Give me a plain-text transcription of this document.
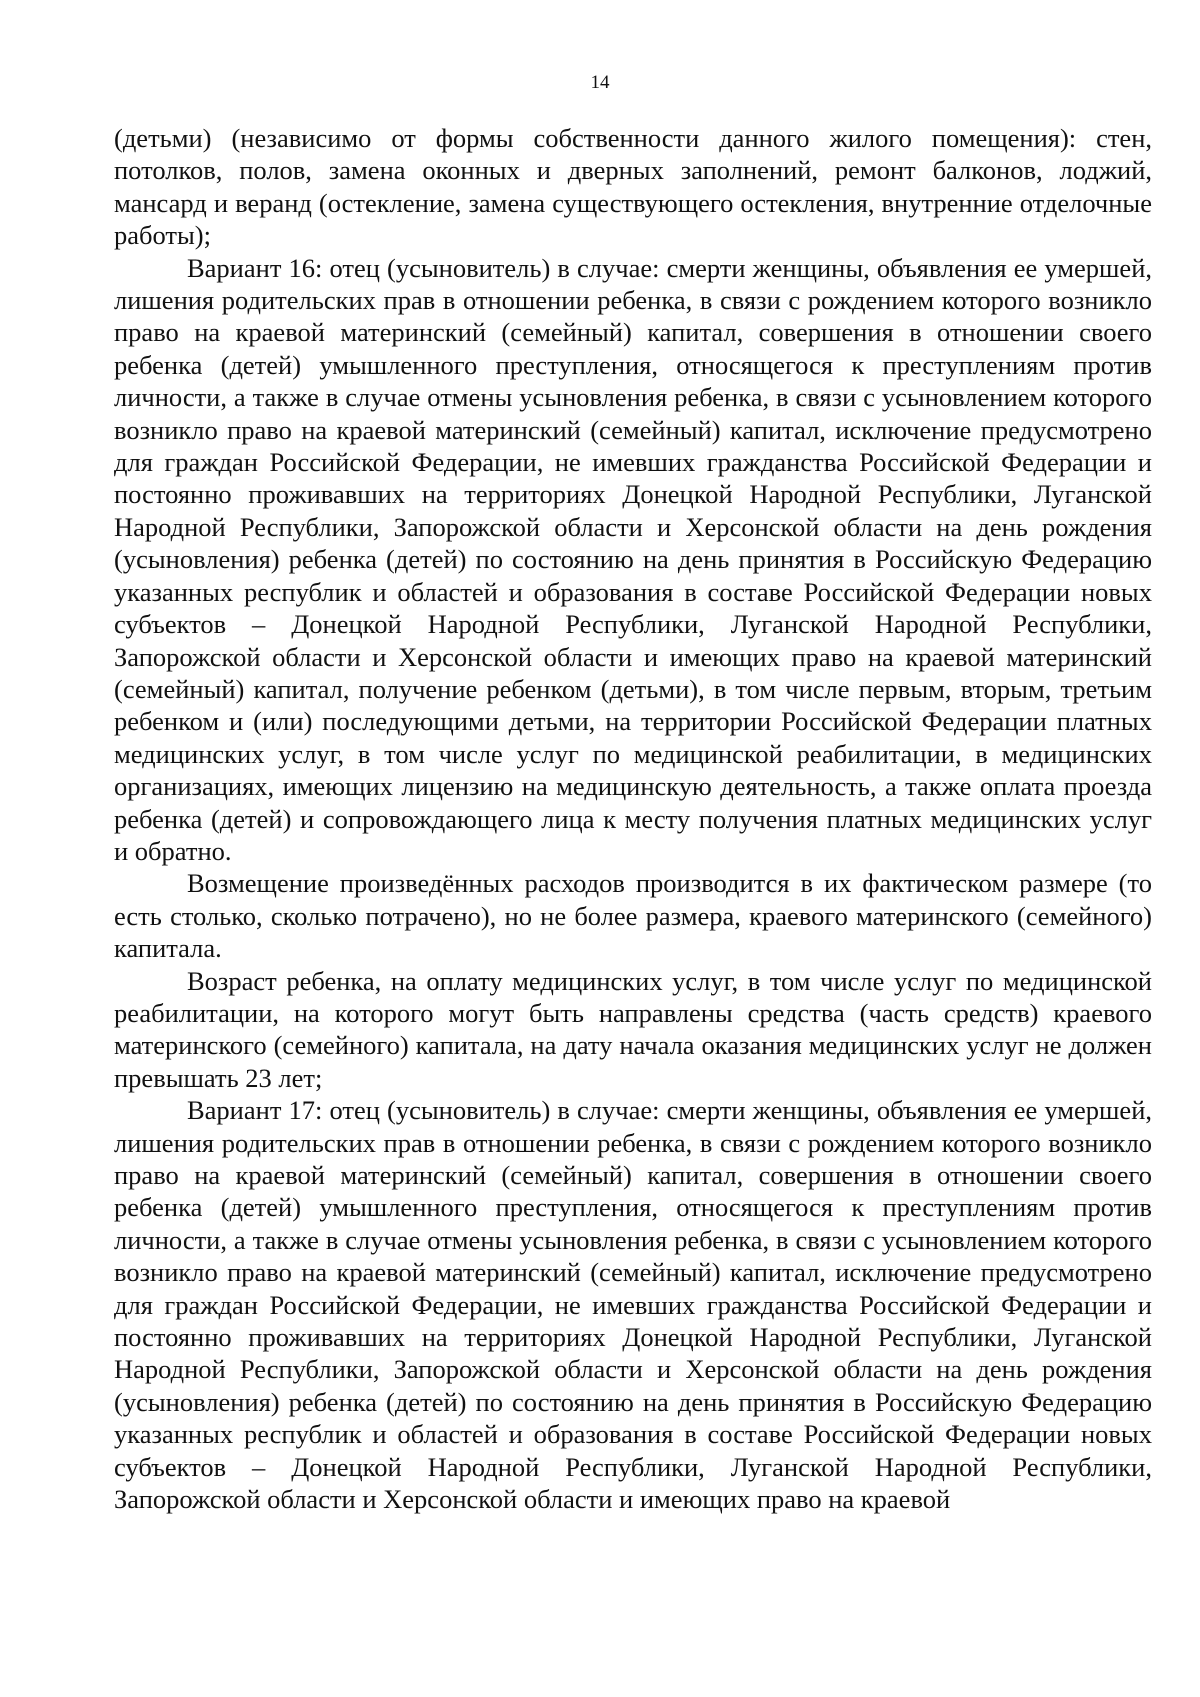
14

(детьми) (независимо от формы собственности данного жилого помещения): стен, потолков, полов, замена оконных и дверных заполнений, ремонт балконов, лоджий, мансард и веранд (остекление, замена существующего остекления, внутренние отделочные работы);

Вариант 16: отец (усыновитель) в случае: смерти женщины, объявления ее умершей, лишения родительских прав в отношении ребенка, в связи с рождением которого возникло право на краевой материнский (семейный) капитал, совершения в отношении своего ребенка (детей) умышленного преступления, относящегося к преступлениям против личности, а также в случае отмены усыновления ребенка, в связи с усыновлением которого возникло право на краевой материнский (семейный) капитал, исключение предусмотрено для граждан Российской Федерации, не имевших гражданства Российской Федерации и постоянно проживавших на территориях Донецкой Народной Республики, Луганской Народной Республики, Запорожской области и Херсонской области на день рождения (усыновления) ребенка (детей) по состоянию на день принятия в Российскую Федерацию указанных республик и областей и образования в составе Российской Федерации новых субъектов – Донецкой Народной Республики, Луганской Народной Республики, Запорожской области и Херсонской области и имеющих право на краевой материнский (семейный) капитал, получение ребенком (детьми), в том числе первым, вторым, третьим ребенком и (или) последующими детьми, на территории Российской Федерации платных медицинских услуг, в том числе услуг по медицинской реабилитации, в медицинских организациях, имеющих лицензию на медицинскую деятельность, а также оплата проезда ребенка (детей) и сопровождающего лица к месту получения платных медицинских услуг и обратно.

Возмещение произведённых расходов производится в их фактическом размере (то есть столько, сколько потрачено), но не более размера, краевого материнского (семейного) капитала.

Возраст ребенка, на оплату медицинских услуг, в том числе услуг по медицинской реабилитации, на которого могут быть направлены средства (часть средств) краевого материнского (семейного) капитала, на дату начала оказания медицинских услуг не должен превышать 23 лет;

Вариант 17: отец (усыновитель) в случае: смерти женщины, объявления ее умершей, лишения родительских прав в отношении ребенка, в связи с рождением которого возникло право на краевой материнский (семейный) капитал, совершения в отношении своего ребенка (детей) умышленного преступления, относящегося к преступлениям против личности, а также в случае отмены усыновления ребенка, в связи с усыновлением которого возникло право на краевой материнский (семейный) капитал, исключение предусмотрено для граждан Российской Федерации, не имевших гражданства Российской Федерации и постоянно проживавших на территориях Донецкой Народной Республики, Луганской Народной Республики, Запорожской области и Херсонской области на день рождения (усыновления) ребенка (детей) по состоянию на день принятия в Российскую Федерацию указанных республик и областей и образования в составе Российской Федерации новых субъектов – Донецкой Народной Республики, Луганской Народной Республики, Запорожской области и Херсонской области и имеющих право на краевой
